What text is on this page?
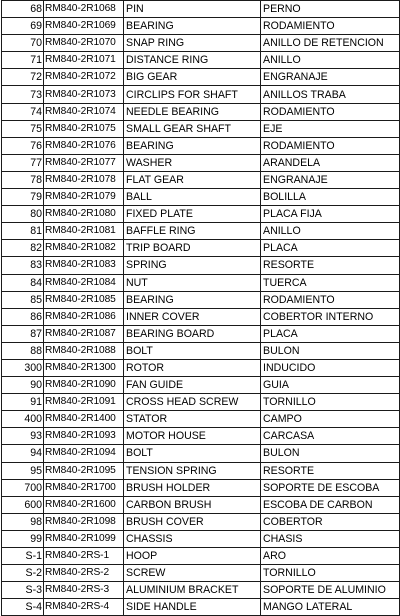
68	RM840-2R1068	PIN	PERNO
69	RM840-2R1069	BEARING	RODAMIENTO
70	RM840-2R1070	SNAP RING	ANILLO DE RETENCION
71	RM840-2R1071	DISTANCE RING	ANILLO
72	RM840-2R1072	BIG GEAR	ENGRANAJE
73	RM840-2R1073	CIRCLIPS FOR SHAFT	ANILLOS TRABA
74	RM840-2R1074	NEEDLE BEARING	RODAMIENTO
75	RM840-2R1075	SMALL GEAR SHAFT	EJE
76	RM840-2R1076	BEARING	RODAMIENTO
77	RM840-2R1077	WASHER	ARANDELA
78	RM840-2R1078	FLAT GEAR	ENGRANAJE
79	RM840-2R1079	BALL	BOLILLA
80	RM840-2R1080	FIXED PLATE	PLACA FIJA
81	RM840-2R1081	BAFFLE RING	ANILLO
82	RM840-2R1082	TRIP BOARD	PLACA
83	RM840-2R1083	SPRING	RESORTE
84	RM840-2R1084	NUT	TUERCA
85	RM840-2R1085	BEARING	RODAMIENTO
86	RM840-2R1086	INNER COVER	COBERTOR INTERNO
87	RM840-2R1087	BEARING BOARD	PLACA
88	RM840-2R1088	BOLT	BULON
300	RM840-2R1300	ROTOR	INDUCIDO
90	RM840-2R1090	FAN GUIDE	GUIA
91	RM840-2R1091	CROSS HEAD SCREW	TORNILLO
400	RM840-2R1400	STATOR	CAMPO
93	RM840-2R1093	MOTOR HOUSE	CARCASA
94	RM840-2R1094	BOLT	BULON
95	RM840-2R1095	TENSION SPRING	RESORTE
700	RM840-2R1700	BRUSH HOLDER	SOPORTE DE ESCOBA
600	RM840-2R1600	CARBON BRUSH	ESCOBA DE CARBON
98	RM840-2R1098	BRUSH COVER	COBERTOR
99	RM840-2R1099	CHASSIS	CHASIS
S-1	RM840-2RS-1	HOOP	ARO
S-2	RM840-2RS-2	SCREW	TORNILLO
S-3	RM840-2RS-3	ALUMINIUM BRACKET	SOPORTE DE ALUMINIO
S-4	RM840-2RS-4	SIDE HANDLE	MANGO LATERAL
